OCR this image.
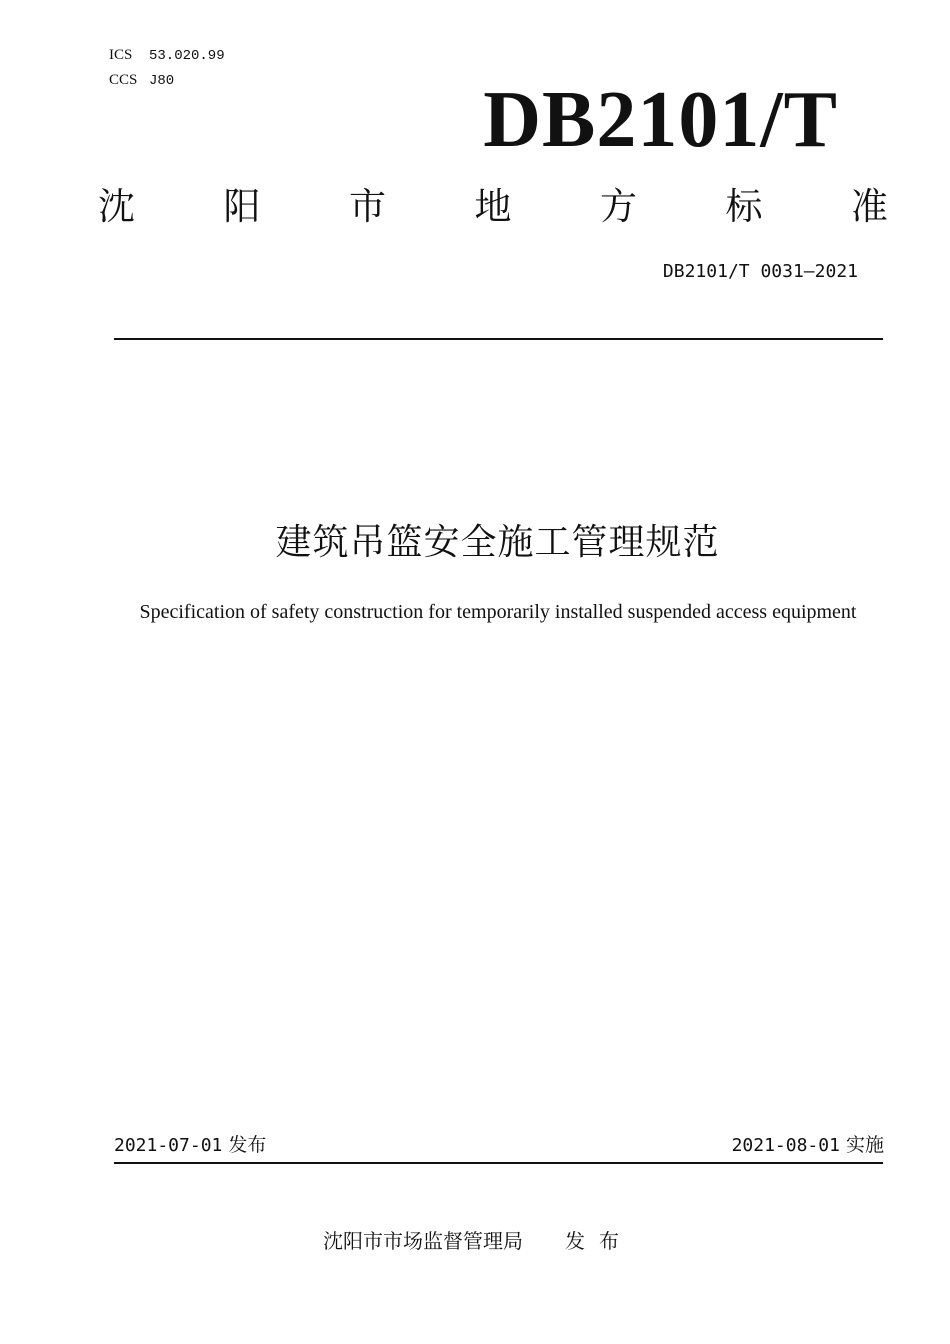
ICS 53.020.99
CCS J80	DB2101/T
沈 阳 市 地 方 标 准
DB2101/T 0031—2021
建筑吊篮安全施工管理规范
Specification of safety construction for temporarily installed suspended access equipment
2021-07-01 发布	2021-08-01 实施
沈阳市市场监督管理局 发布
